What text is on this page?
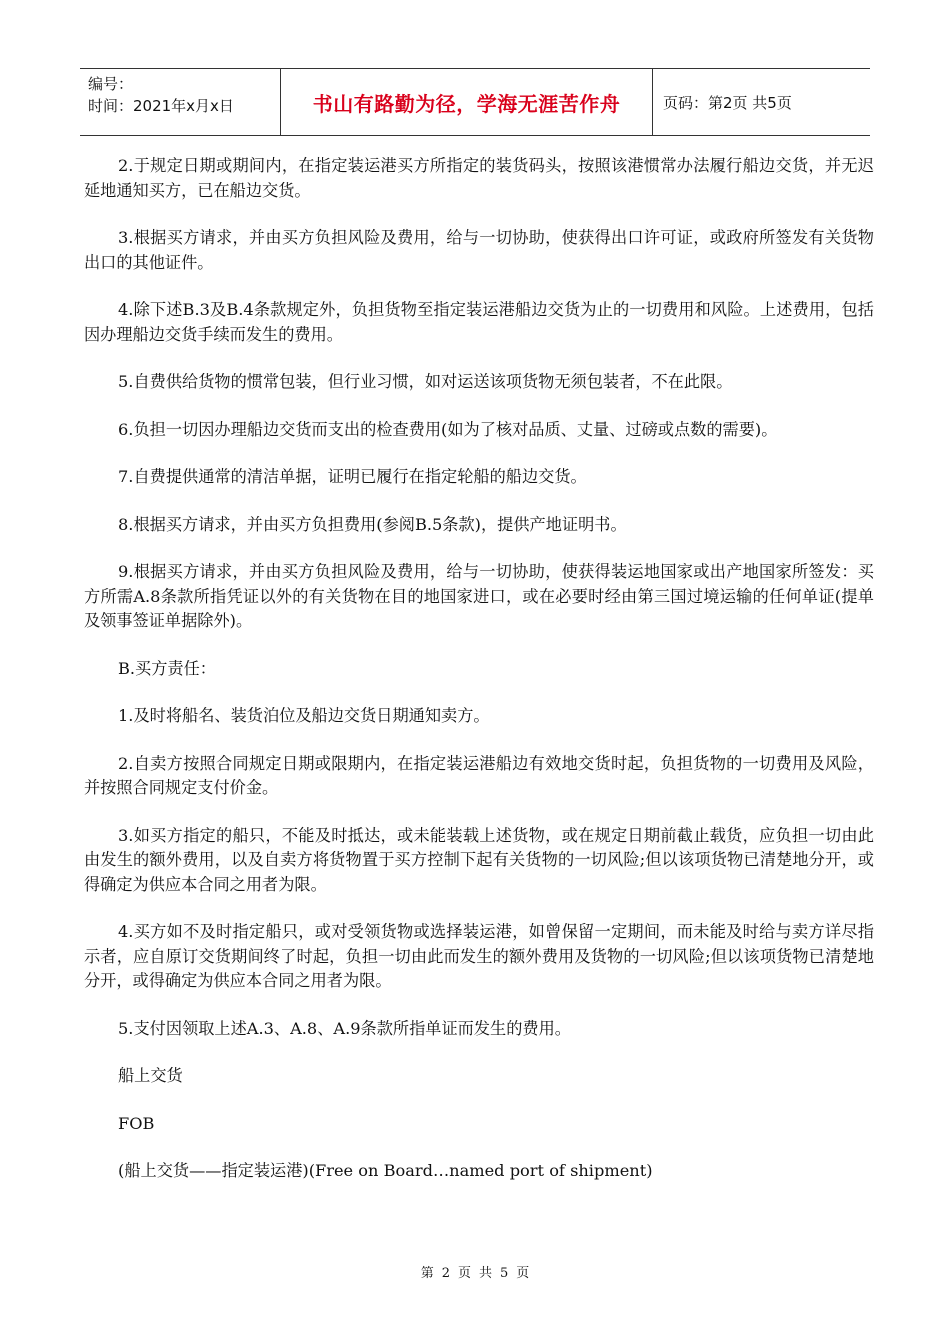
编号：
时间：2021年x月x日	书山有路勤为径，学海无涯苦作舟	页码：第2页 共5页

2.于规定日期或期间内，在指定装运港买方所指定的装货码头，按照该港惯常办法履行船边交货，并无迟延地通知买方，已在船边交货。

3.根据买方请求，并由买方负担风险及费用，给与一切协助，使获得出口许可证，或政府所签发有关货物出口的其他证件。

4.除下述B.3及B.4条款规定外，负担货物至指定装运港船边交货为止的一切费用和风险。上述费用，包括因办理船边交货手续而发生的费用。

5.自费供给货物的惯常包装，但行业习惯，如对运送该项货物无须包装者，不在此限。

6.负担一切因办理船边交货而支出的检查费用(如为了核对品质、丈量、过磅或点数的需要)。

7.自费提供通常的清洁单据，证明已履行在指定轮船的船边交货。

8.根据买方请求，并由买方负担费用(参阅B.5条款)，提供产地证明书。

9.根据买方请求，并由买方负担风险及费用，给与一切协助，使获得装运地国家或出产地国家所签发：买方所需A.8条款所指凭证以外的有关货物在目的地国家进口，或在必要时经由第三国过境运输的任何单证(提单及领事签证单据除外)。

B.买方责任：

1.及时将船名、装货泊位及船边交货日期通知卖方。

2.自卖方按照合同规定日期或限期内，在指定装运港船边有效地交货时起，负担货物的一切费用及风险，并按照合同规定支付价金。

3.如买方指定的船只，不能及时抵达，或未能装载上述货物，或在规定日期前截止载货，应负担一切由此由发生的额外费用，以及自卖方将货物置于买方控制下起有关货物的一切风险;但以该项货物已清楚地分开，或得确定为供应本合同之用者为限。

4.买方如不及时指定船只，或对受领货物或选择装运港，如曾保留一定期间，而未能及时给与卖方详尽指示者，应自原订交货期间终了时起，负担一切由此而发生的额外费用及货物的一切风险;但以该项货物已清楚地分开，或得确定为供应本合同之用者为限。

5.支付因领取上述A.3、A.8、A.9条款所指单证而发生的费用。

船上交货

FOB

(船上交货——指定装运港)(Free on Board…named port of shipment)

第 2 页 共 5 页
